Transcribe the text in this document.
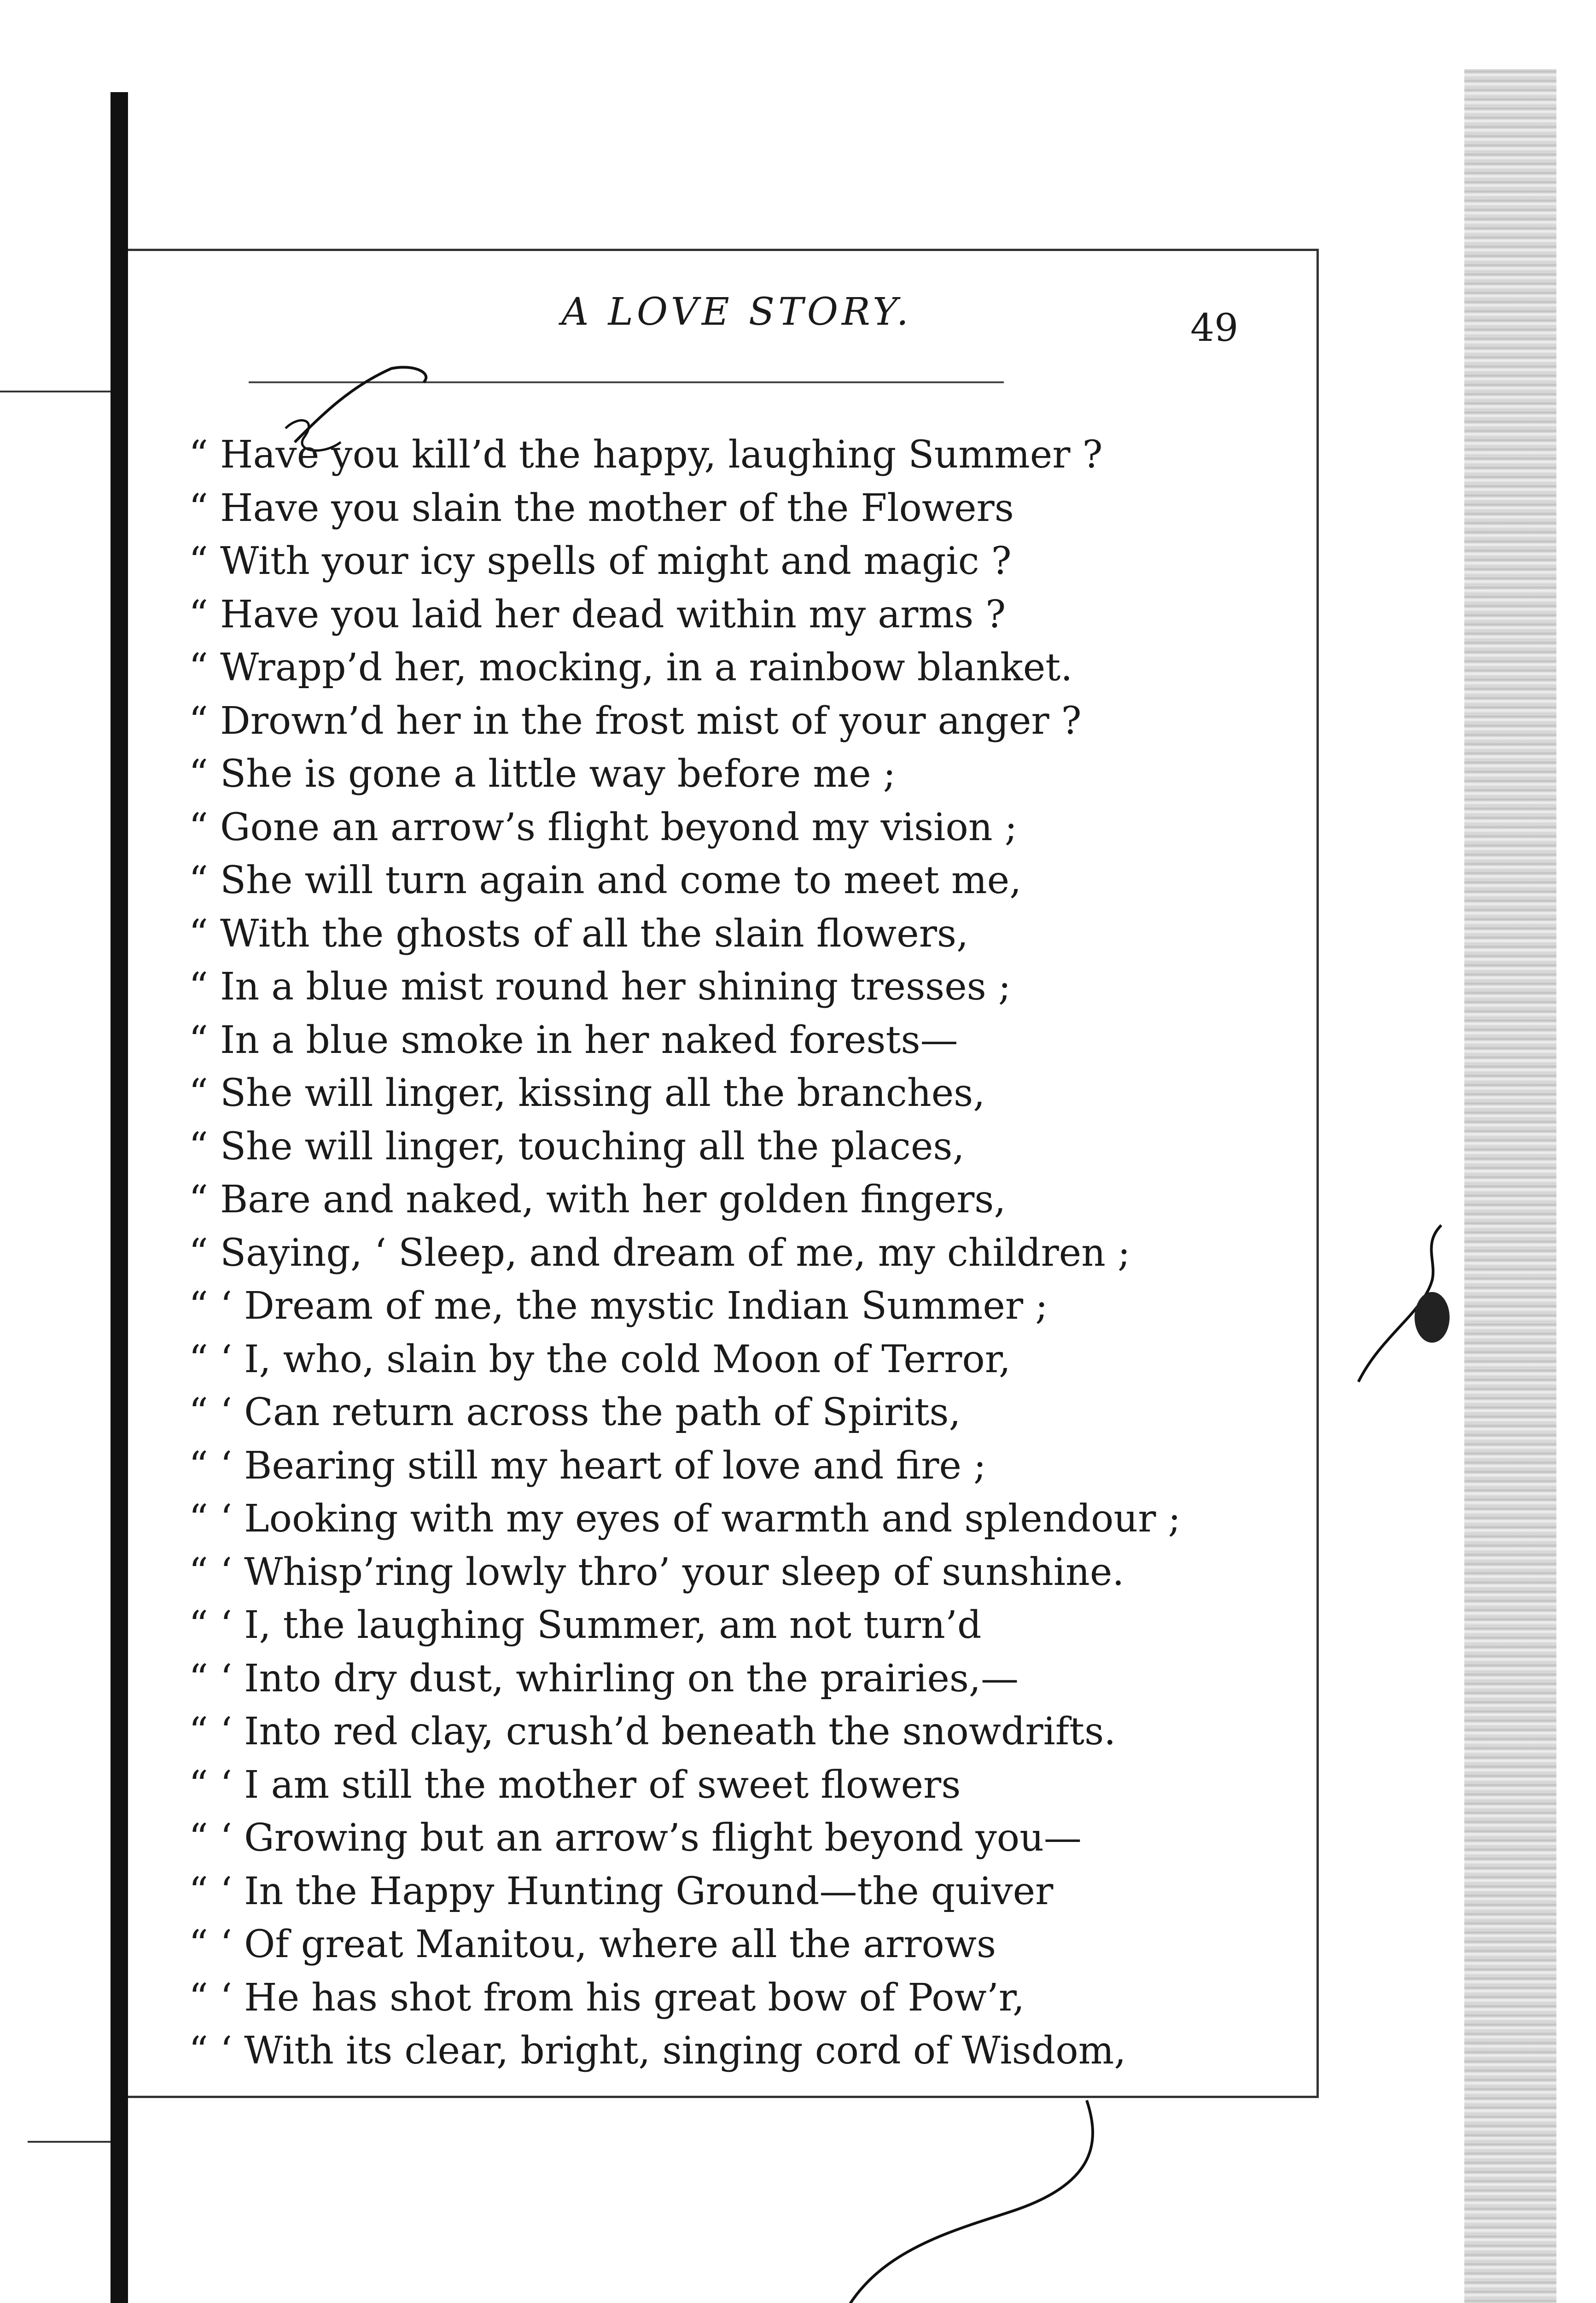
A LOVE STORY.	49
“ Have you kill’d the happy, laughing Summer ?
“ Have you slain the mother of the Flowers
“ With your icy spells of might and magic ?
“ Have you laid her dead within my arms ?
“ Wrapp’d her, mocking, in a rainbow blanket.
“ Drown’d her in the frost mist of your anger ?
“ She is gone a little way before me ;
“ Gone an arrow’s flight beyond my vision ;
“ She will turn again and come to meet me,
“ With the ghosts of all the slain flowers,
“ In a blue mist round her shining tresses ;
“ In a blue smoke in her naked forests—
“ She will linger, kissing all the branches,
“ She will linger, touching all the places,
“ Bare and naked, with her golden fingers,
“ Saying, ‘ Sleep, and dream of me, my children ;
“ ‘ Dream of me, the mystic Indian Summer ;
“ ‘ I, who, slain by the cold Moon of Terror,
“ ‘ Can return across the path of Spirits,
“ ‘ Bearing still my heart of love and fire ;
“ ‘ Looking with my eyes of warmth and splendour ;
“ ‘ Whisp’ring lowly thro’ your sleep of sunshine.
“ ‘ I, the laughing Summer, am not turn’d
“ ‘ Into dry dust, whirling on the prairies,—
“ ‘ Into red clay, crush’d beneath the snowdrifts.
“ ‘ I am still the mother of sweet flowers
“ ‘ Growing but an arrow’s flight beyond you—
“ ‘ In the Happy Hunting Ground—the quiver
“ ‘ Of great Manitou, where all the arrows
“ ‘ He has shot from his great bow of Pow’r,
“ ‘ With its clear, bright, singing cord of Wisdom,
